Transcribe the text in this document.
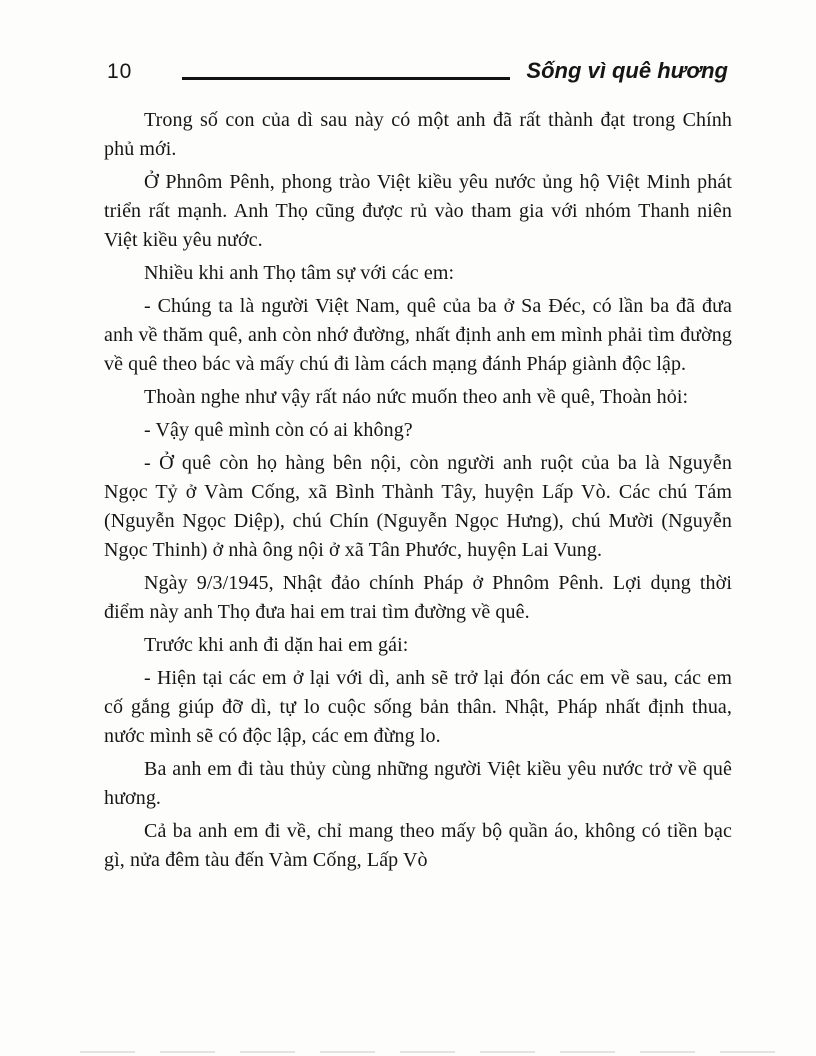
10	Sống vì quê hương

Trong số con của dì sau này có một anh đã rất thành đạt trong Chính phủ mới.

Ở Phnôm Pênh, phong trào Việt kiều yêu nước ủng hộ Việt Minh phát triển rất mạnh. Anh Thọ cũng được rủ vào tham gia với nhóm Thanh niên Việt kiều yêu nước.

Nhiều khi anh Thọ tâm sự với các em:

- Chúng ta là người Việt Nam, quê của ba ở Sa Đéc, có lần ba đã đưa anh về thăm quê, anh còn nhớ đường, nhất định anh em mình phải tìm đường về quê theo bác và mấy chú đi làm cách mạng đánh Pháp giành độc lập.

Thoàn nghe như vậy rất náo nức muốn theo anh về quê, Thoàn hỏi:

- Vậy quê mình còn có ai không?

- Ở quê còn họ hàng bên nội, còn người anh ruột của ba là Nguyễn Ngọc Tỷ ở Vàm Cống, xã Bình Thành Tây, huyện Lấp Vò. Các chú Tám (Nguyễn Ngọc Diệp), chú Chín (Nguyễn Ngọc Hưng), chú Mười (Nguyễn Ngọc Thinh) ở nhà ông nội ở xã Tân Phước, huyện Lai Vung.

Ngày 9/3/1945, Nhật đảo chính Pháp ở Phnôm Pênh. Lợi dụng thời điểm này anh Thọ đưa hai em trai tìm đường về quê.

Trước khi anh đi dặn hai em gái:

- Hiện tại các em ở lại với dì, anh sẽ trở lại đón các em về sau, các em cố gắng giúp đỡ dì, tự lo cuộc sống bản thân. Nhật, Pháp nhất định thua, nước mình sẽ có độc lập, các em đừng lo.

Ba anh em đi tàu thủy cùng những người Việt kiều yêu nước trở về quê hương.

Cả ba anh em đi về, chỉ mang theo mấy bộ quần áo, không có tiền bạc gì, nửa đêm tàu đến Vàm Cống, Lấp Vò
